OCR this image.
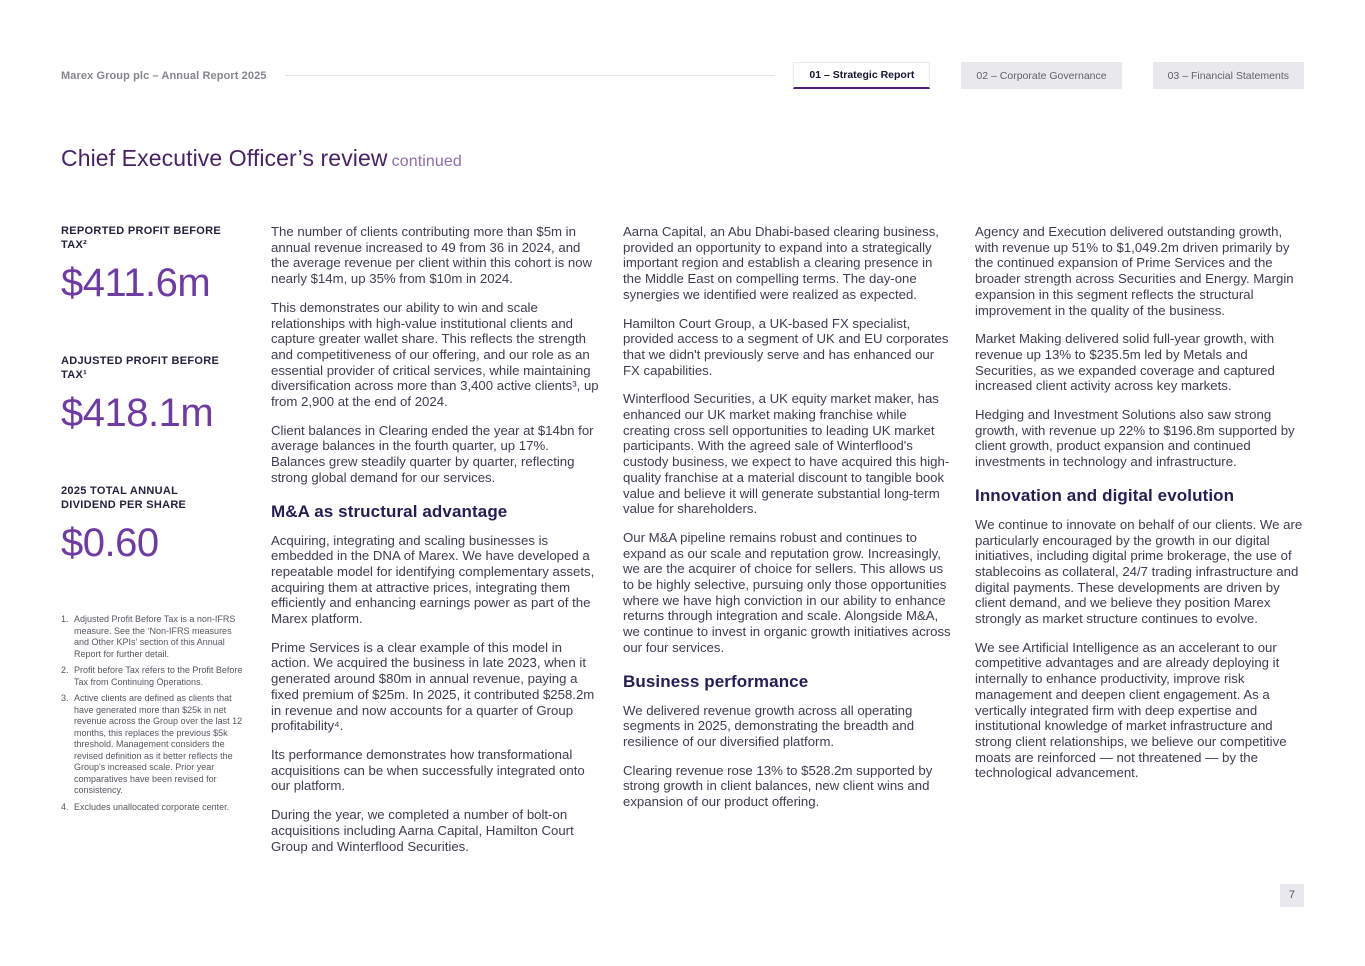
Marex Group plc – Annual Report 2025	01 – Strategic Report	02 – Corporate Governance	03 – Financial Statements
Chief Executive Officer’s review continued
REPORTED PROFIT BEFORE TAX²
$411.6m
ADJUSTED PROFIT BEFORE TAX¹
$418.1m
2025 TOTAL ANNUAL DIVIDEND PER SHARE
$0.60
1. Adjusted Profit Before Tax is a non-IFRS measure. See the ‘Non-IFRS measures and Other KPIs’ section of this Annual Report for further detail.
2. Profit before Tax refers to the Profit Before Tax from Continuing Operations.
3. Active clients are defined as clients that have generated more than $25k in net revenue across the Group over the last 12 months, this replaces the previous $5k threshold. Management considers the revised definition as it better reflects the Group's increased scale. Prior year comparatives have been revised for consistency.
4. Excludes unallocated corporate center.

The number of clients contributing more than $5m in annual revenue increased to 49 from 36 in 2024, and the average revenue per client within this cohort is now nearly $14m, up 35% from $10m in 2024.

This demonstrates our ability to win and scale relationships with high-value institutional clients and capture greater wallet share. This reflects the strength and competitiveness of our offering, and our role as an essential provider of critical services, while maintaining diversification across more than 3,400 active clients³, up from 2,900 at the end of 2024.

Client balances in Clearing ended the year at $14bn for average balances in the fourth quarter, up 17%. Balances grew steadily quarter by quarter, reflecting strong global demand for our services.

M&A as structural advantage

Acquiring, integrating and scaling businesses is embedded in the DNA of Marex. We have developed a repeatable model for identifying complementary assets, acquiring them at attractive prices, integrating them efficiently and enhancing earnings power as part of the Marex platform.

Prime Services is a clear example of this model in action. We acquired the business in late 2023, when it generated around $80m in annual revenue, paying a fixed premium of $25m. In 2025, it contributed $258.2m in revenue and now accounts for a quarter of Group profitability⁴.

Its performance demonstrates how transformational acquisitions can be when successfully integrated onto our platform.

During the year, we completed a number of bolt-on acquisitions including Aarna Capital, Hamilton Court Group and Winterflood Securities.

Aarna Capital, an Abu Dhabi-based clearing business, provided an opportunity to expand into a strategically important region and establish a clearing presence in the Middle East on compelling terms. The day-one synergies we identified were realized as expected.

Hamilton Court Group, a UK-based FX specialist, provided access to a segment of UK and EU corporates that we didn't previously serve and has enhanced our FX capabilities.

Winterflood Securities, a UK equity market maker, has enhanced our UK market making franchise while creating cross sell opportunities to leading UK market participants. With the agreed sale of Winterflood's custody business, we expect to have acquired this high-quality franchise at a material discount to tangible book value and believe it will generate substantial long-term value for shareholders.

Our M&A pipeline remains robust and continues to expand as our scale and reputation grow. Increasingly, we are the acquirer of choice for sellers. This allows us to be highly selective, pursuing only those opportunities where we have high conviction in our ability to enhance returns through integration and scale. Alongside M&A, we continue to invest in organic growth initiatives across our four services.

Business performance

We delivered revenue growth across all operating segments in 2025, demonstrating the breadth and resilience of our diversified platform.

Clearing revenue rose 13% to $528.2m supported by strong growth in client balances, new client wins and expansion of our product offering.

Agency and Execution delivered outstanding growth, with revenue up 51% to $1,049.2m driven primarily by the continued expansion of Prime Services and the broader strength across Securities and Energy. Margin expansion in this segment reflects the structural improvement in the quality of the business.

Market Making delivered solid full-year growth, with revenue up 13% to $235.5m led by Metals and Securities, as we expanded coverage and captured increased client activity across key markets.

Hedging and Investment Solutions also saw strong growth, with revenue up 22% to $196.8m supported by client growth, product expansion and continued investments in technology and infrastructure.

Innovation and digital evolution

We continue to innovate on behalf of our clients. We are particularly encouraged by the growth in our digital initiatives, including digital prime brokerage, the use of stablecoins as collateral, 24/7 trading infrastructure and digital payments. These developments are driven by client demand, and we believe they position Marex strongly as market structure continues to evolve.

We see Artificial Intelligence as an accelerant to our competitive advantages and are already deploying it internally to enhance productivity, improve risk management and deepen client engagement. As a vertically integrated firm with deep expertise and institutional knowledge of market infrastructure and strong client relationships, we believe our competitive moats are reinforced — not threatened — by the technological advancement.

7
